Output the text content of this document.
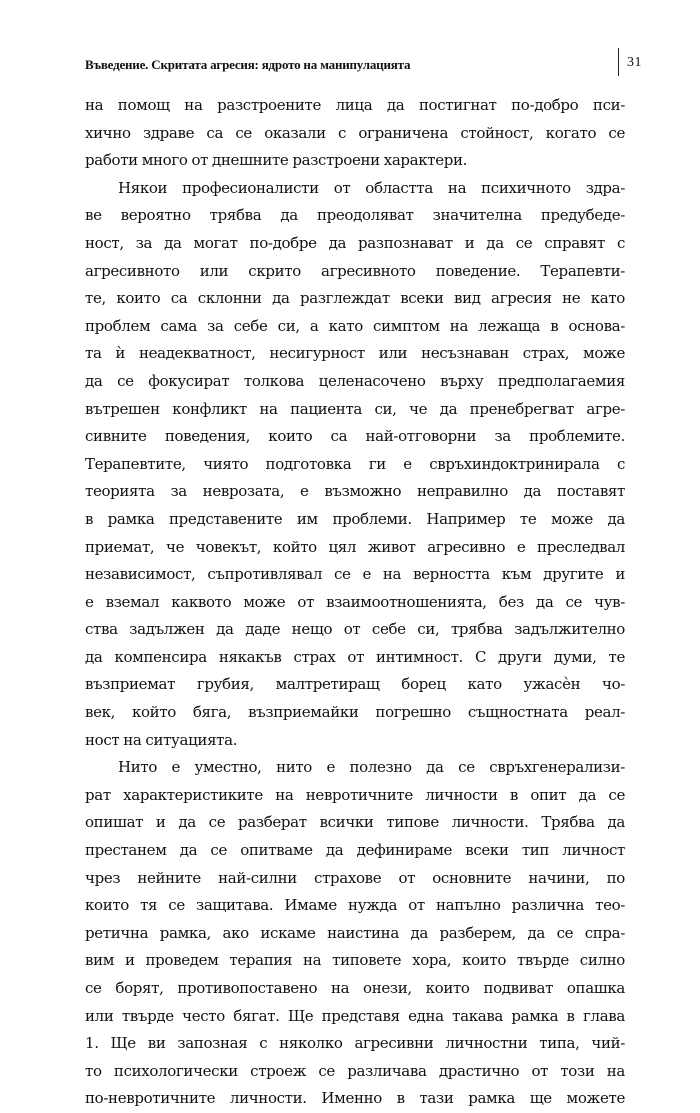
Въведение. Скритата агресия: ядрото на манипулацията	31
на помощ на разстроените лица да постигнат по-добро пси-
хично здраве са се оказали с ограничена стойност, когато се
работи много от днешните разстроени характери.
Някои професионалисти от областта на психичното здра-
ве вероятно трябва да преодоляват значителна предубеде-
ност, за да могат по-добре да разпознават и да се справят с
агресивното или скрито агресивното поведение. Терапевти-
те, които са склонни да разглеждат всеки вид агресия не като
проблем сама за себе си, а като симптом на лежаща в основа-
та ѝ неадекватност, несигурност или несъзнаван страх, може
да се фокусират толкова целенасочено върху предполагаемия
вътрешен конфликт на пациента си, че да пренебрегват агре-
сивните поведения, които са най-отговорни за проблемите.
Терапевтите, чиято подготовка ги е свръхиндоктринирала с
теорията за неврозата, е възможно неправилно да поставят
в рамка представените им проблеми. Например те може да
приемат, че човекът, който цял живот агресивно е преследвал
независимост, съпротивлявал се е на верността към другите и
е вземал каквото може от взаимоотношенията, без да се чув-
ства задължен да даде нещо от себе си, трябва задължително
да компенсира някакъв страх от интимност. С други думи, те
възприемат грубия, малтретиращ борец като ужасѐн чо-
век, който бяга, възприемайки погрешно същностната реал-
ност на ситуацията.
Нито е уместно, нито е полезно да се свръхгенерализи-
рат характеристиките на невротичните личности в опит да се
опишат и да се разберат всички типове личности. Трябва да
престанем да се опитваме да дефинираме всеки тип личност
чрез нейните най-силни страхове от основните начини, по
които тя се защитава. Имаме нужда от напълно различна тео-
ретична рамка, ако искаме наистина да разберем, да се спра-
вим и проведем терапия на типовете хора, които твърде силно
се борят, противопоставено на онези, които подвиват опашка
или твърде често бягат. Ще представя една такава рамка в глава
1. Ще ви запозная с няколко агресивни личностни типа, чий-
то психологически строеж се различава драстично от този на
по-невротичните личности. Именно в тази рамка ще можете
